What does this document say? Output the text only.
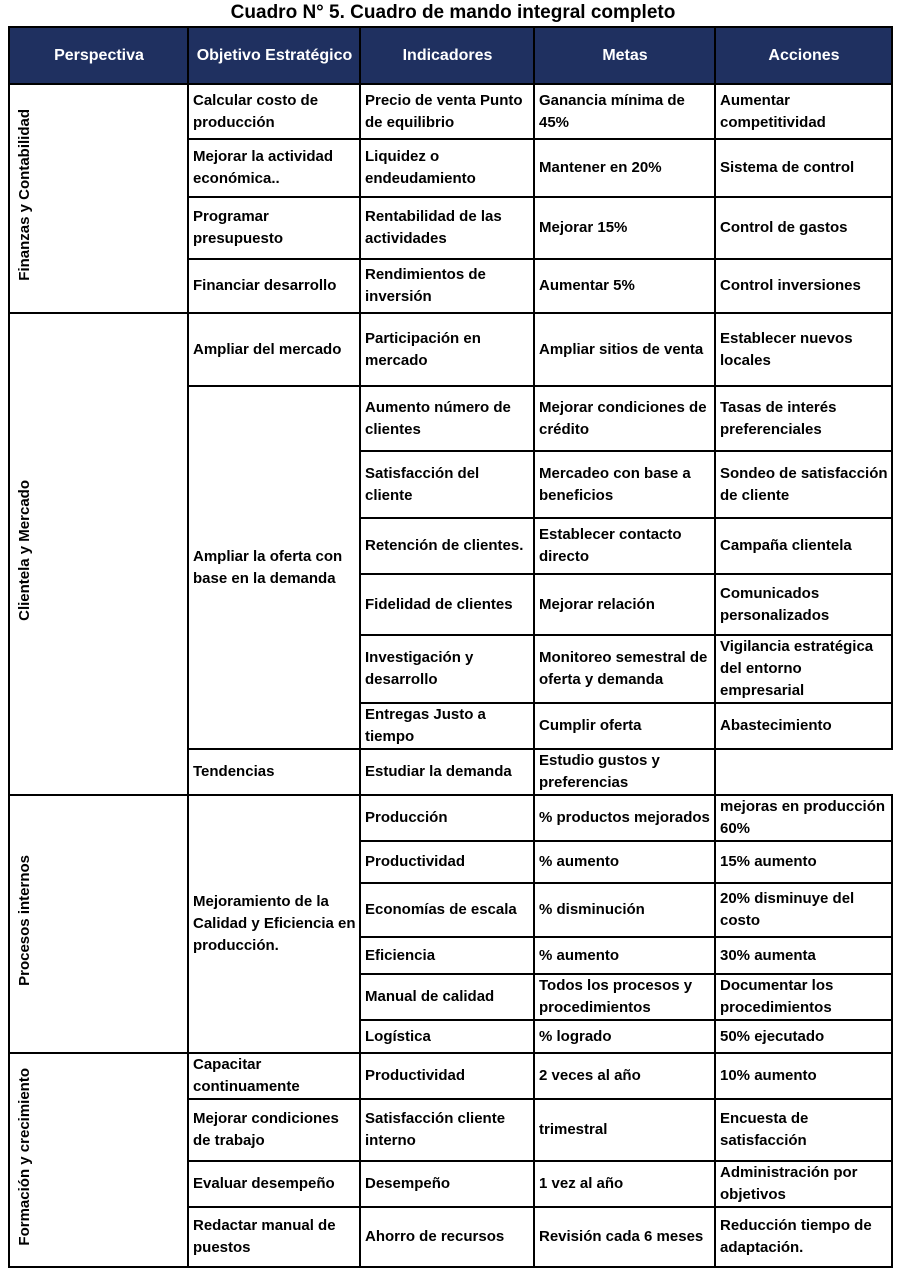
Cuadro N° 5. Cuadro de mando integral completo
Perspectiva	Objetivo Estratégico	Indicadores	Metas	Acciones
Finanzas y Contabilidad	Calcular costo de producción	Precio de venta Punto de equilibrio	Ganancia mínima de 45%	Aumentar competitividad
	Mejorar la actividad económica..	Liquidez o endeudamiento	Mantener en 20%	Sistema de control
	Programar presupuesto	Rentabilidad de las actividades	Mejorar 15%	Control de gastos
	Financiar desarrollo	Rendimientos de inversión	Aumentar 5%	Control inversiones
Clientela y Mercado	Ampliar del mercado	Participación en mercado	Ampliar sitios de venta	Establecer nuevos locales
	Ampliar la oferta con base en la demanda	Aumento número de clientes	Mejorar condiciones de crédito	Tasas de interés preferenciales
		Satisfacción del cliente	Mercadeo con base a beneficios	Sondeo de satisfacción de cliente
		Retención de clientes.	Establecer contacto directo	Campaña clientela
		Fidelidad de clientes	Mejorar relación	Comunicados personalizados
		Investigación y desarrollo	Monitoreo semestral de oferta y demanda	Vigilancia estratégica del entorno empresarial
		Entregas Justo a tiempo	Cumplir oferta	Abastecimiento
	Tendencias	Estudiar la demanda	Estudio gustos y preferencias	
Procesos internos	Mejoramiento de la Calidad y Eficiencia en producción.	Producción	% productos mejorados	mejoras en producción 60%
		Productividad	% aumento	15% aumento
		Economías de escala	% disminución	20% disminuye del costo
		Eficiencia	% aumento	30% aumenta
		Manual de calidad	Todos los procesos y procedimientos	Documentar los procedimientos
		Logística	% logrado	50% ejecutado
Formación y crecimiento	Capacitar continuamente	Productividad	2 veces al año	10% aumento
	Mejorar condiciones de trabajo	Satisfacción cliente interno	trimestral	Encuesta de satisfacción
	Evaluar desempeño	Desempeño	1 vez al año	Administración por objetivos
	Redactar manual de puestos	Ahorro de recursos	Revisión cada 6 meses	Reducción tiempo de adaptación.
